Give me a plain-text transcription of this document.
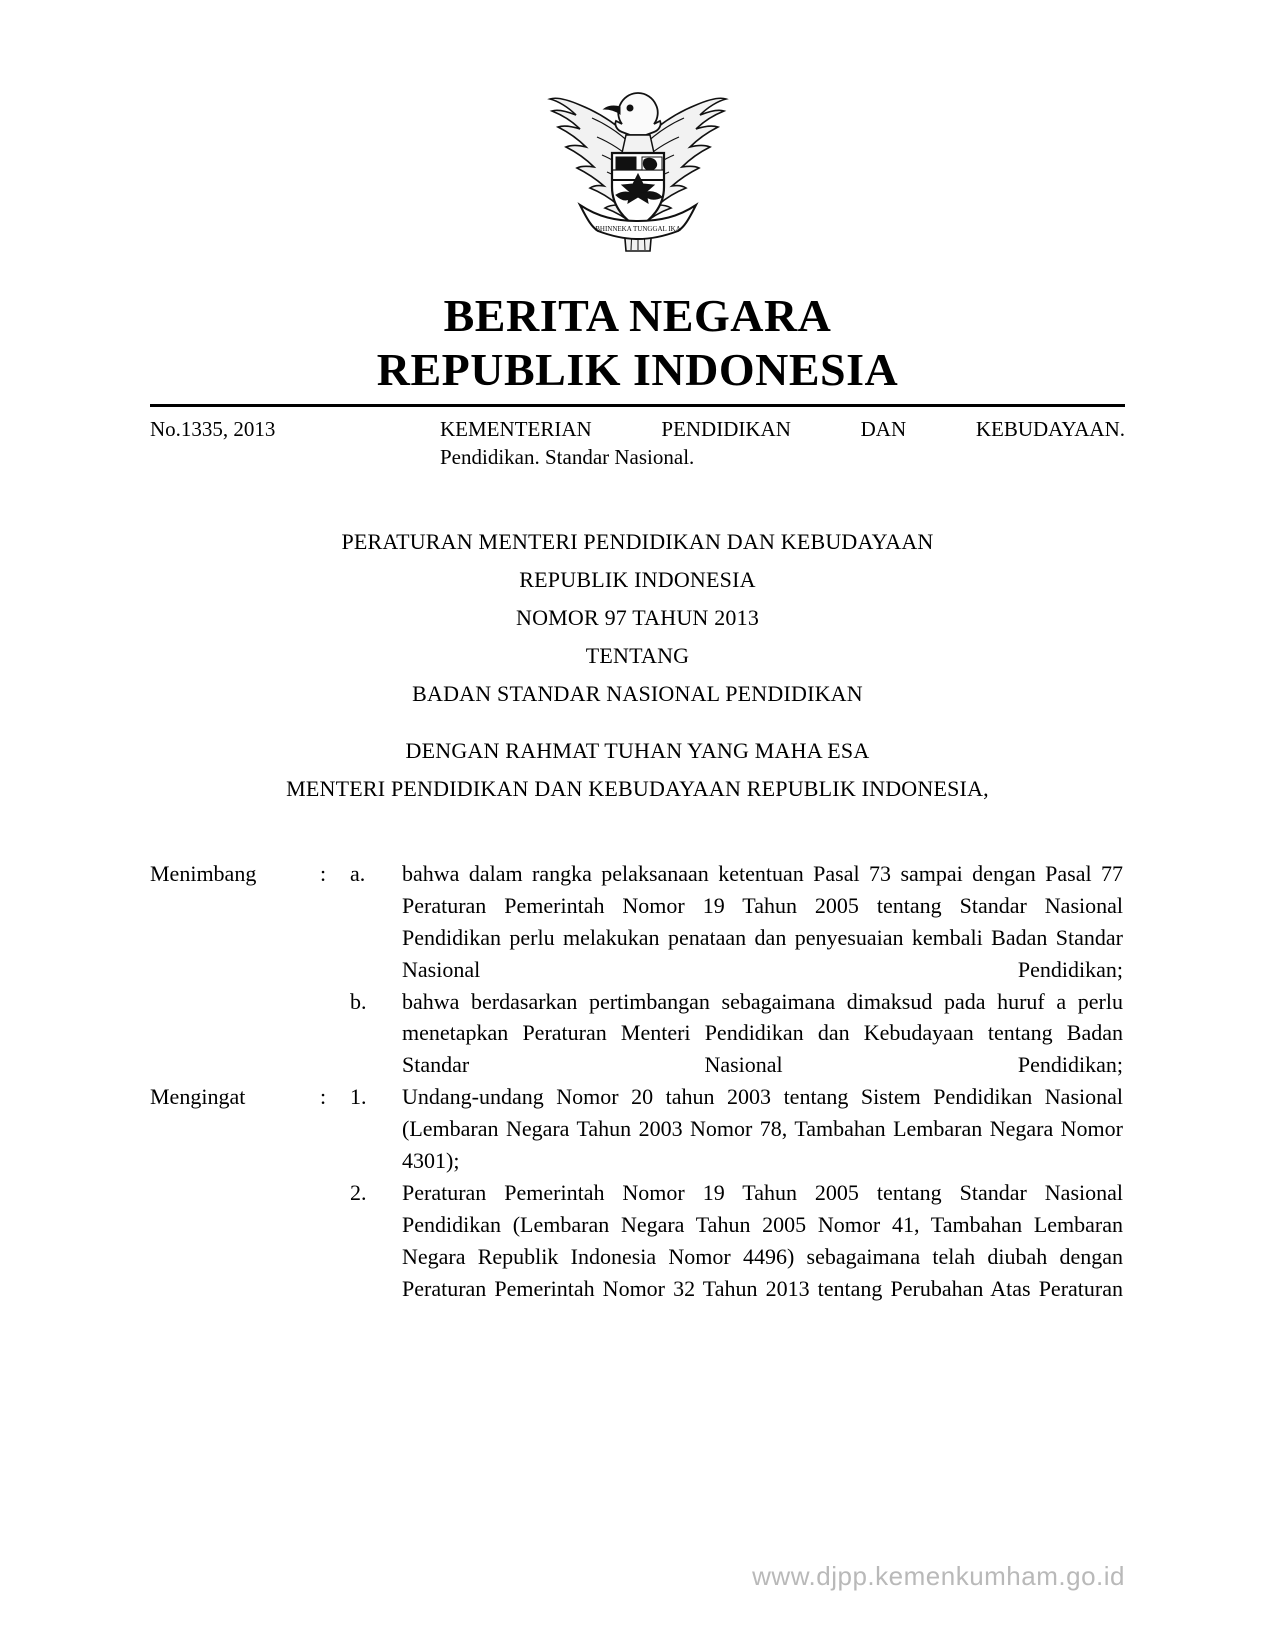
BHINNEKA TUNGGAL IKA
BERITA NEGARA
REPUBLIK INDONESIA
No.1335, 2013	KEMENTERIAN PENDIDIKAN DAN KEBUDAYAAN.
Pendidikan. Standar Nasional.
PERATURAN MENTERI PENDIDIKAN DAN KEBUDAYAAN
REPUBLIK INDONESIA
NOMOR 97 TAHUN 2013
TENTANG
BADAN STANDAR NASIONAL PENDIDIKAN
DENGAN RAHMAT TUHAN YANG MAHA ESA
MENTERI PENDIDIKAN DAN KEBUDAYAAN REPUBLIK INDONESIA,
Menimbang	:	a.	bahwa dalam rangka pelaksanaan ketentuan Pasal 73 sampai dengan Pasal 77 Peraturan Pemerintah Nomor 19 Tahun 2005 tentang Standar Nasional Pendidikan perlu melakukan penataan dan penyesuaian kembali Badan Standar Nasional Pendidikan;
b.	bahwa berdasarkan pertimbangan sebagaimana dimaksud pada huruf a perlu menetapkan Peraturan Menteri Pendidikan dan Kebudayaan tentang Badan Standar Nasional Pendidikan;
Mengingat	:	1.	Undang-undang Nomor 20 tahun 2003 tentang Sistem Pendidikan Nasional (Lembaran Negara Tahun 2003 Nomor 78, Tambahan Lembaran Negara Nomor 4301);
2.	Peraturan Pemerintah Nomor 19 Tahun 2005 tentang Standar Nasional Pendidikan (Lembaran Negara Tahun 2005 Nomor 41, Tambahan Lembaran Negara Republik Indonesia Nomor 4496) sebagaimana telah diubah dengan Peraturan Pemerintah Nomor 32 Tahun 2013 tentang Perubahan Atas Peraturan
www.djpp.kemenkumham.go.id
